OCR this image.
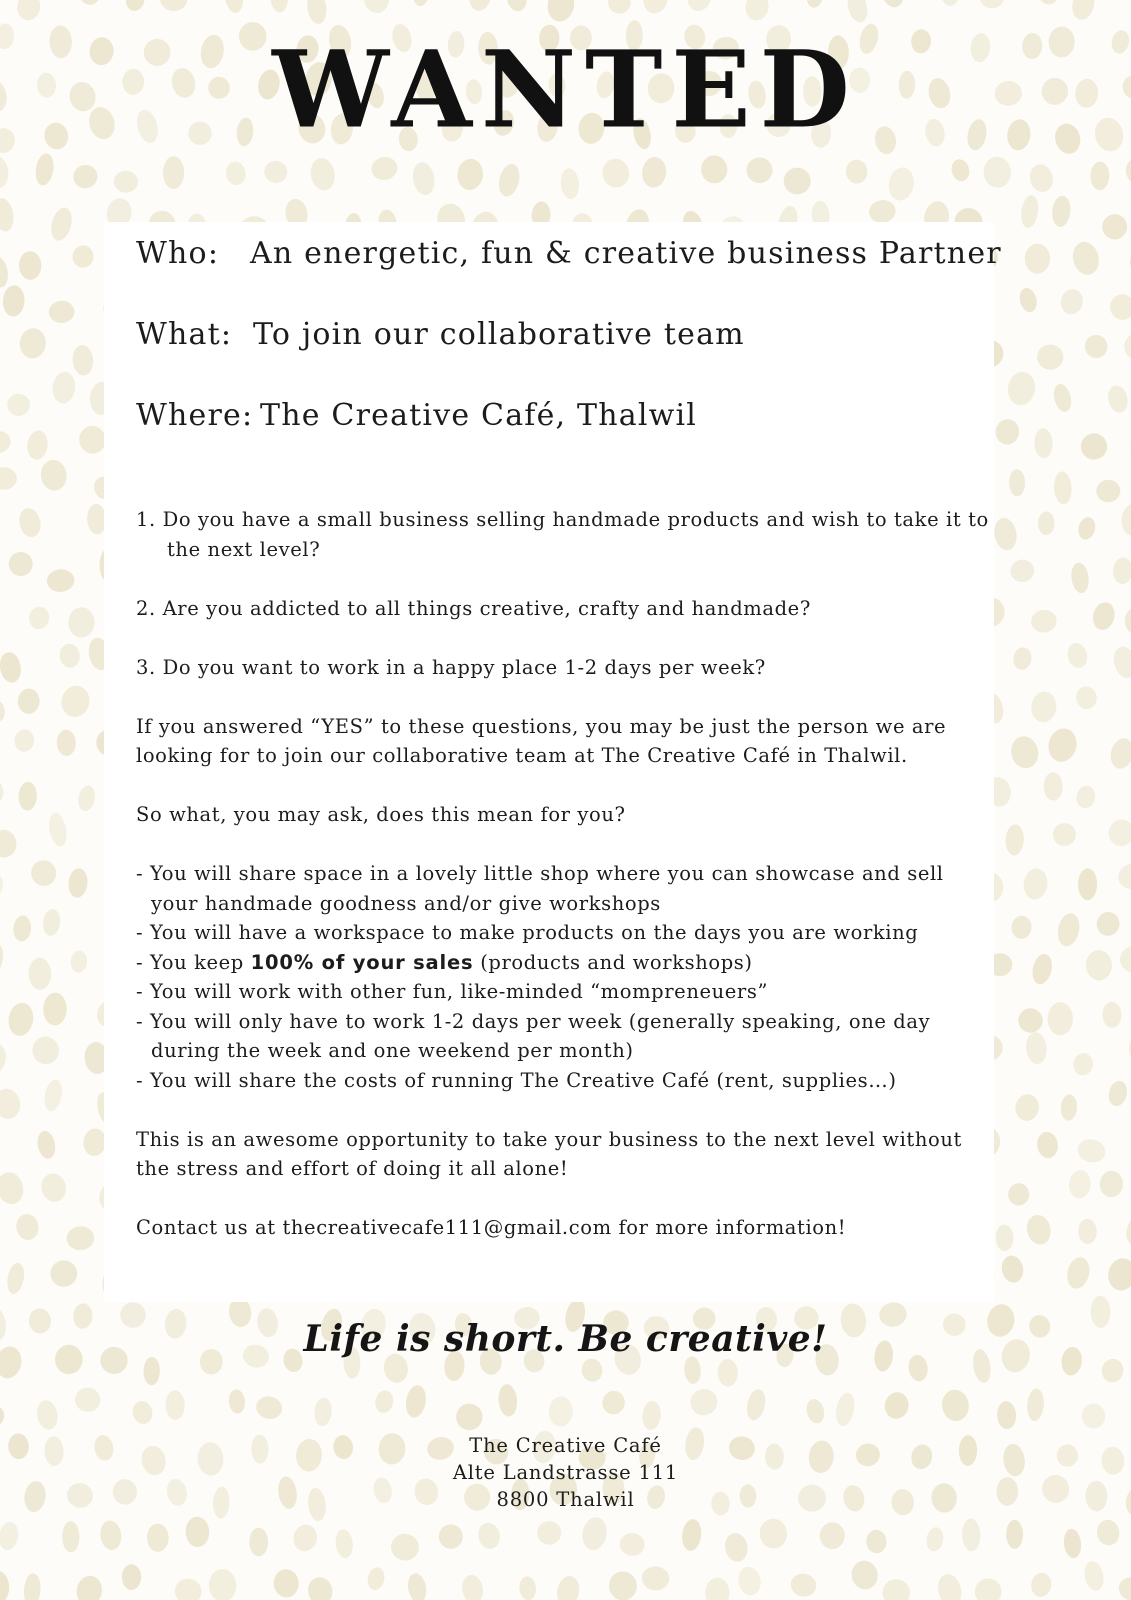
WANTED
Who: An energetic, fun & creative business Partner
What: To join our collaborative team
Where: The Creative Café, Thalwil

1. Do you have a small business selling handmade products and wish to take it to the next level?

2. Are you addicted to all things creative, crafty and handmade?

3. Do you want to work in a happy place 1-2 days per week?

If you answered “YES” to these questions, you may be just the person we are looking for to join our collaborative team at The Creative Café in Thalwil.

So what, you may ask, does this mean for you?

- You will share space in a lovely little shop where you can showcase and sell your handmade goodness and/or give workshops

- You will have a workspace to make products on the days you are working

- You keep 100% of your sales (products and workshops)

- You will work with other fun, like-minded “mompreneuers”

- You will only have to work 1-2 days per week (generally speaking, one day during the week and one weekend per month)

- You will share the costs of running The Creative Café (rent, supplies…)

This is an awesome opportunity to take your business to the next level without the stress and effort of doing it all alone!

Contact us at thecreativecafe111@gmail.com for more information!

Life is short. Be creative!
The Creative Café
Alte Landstrasse 111
8800 Thalwil
